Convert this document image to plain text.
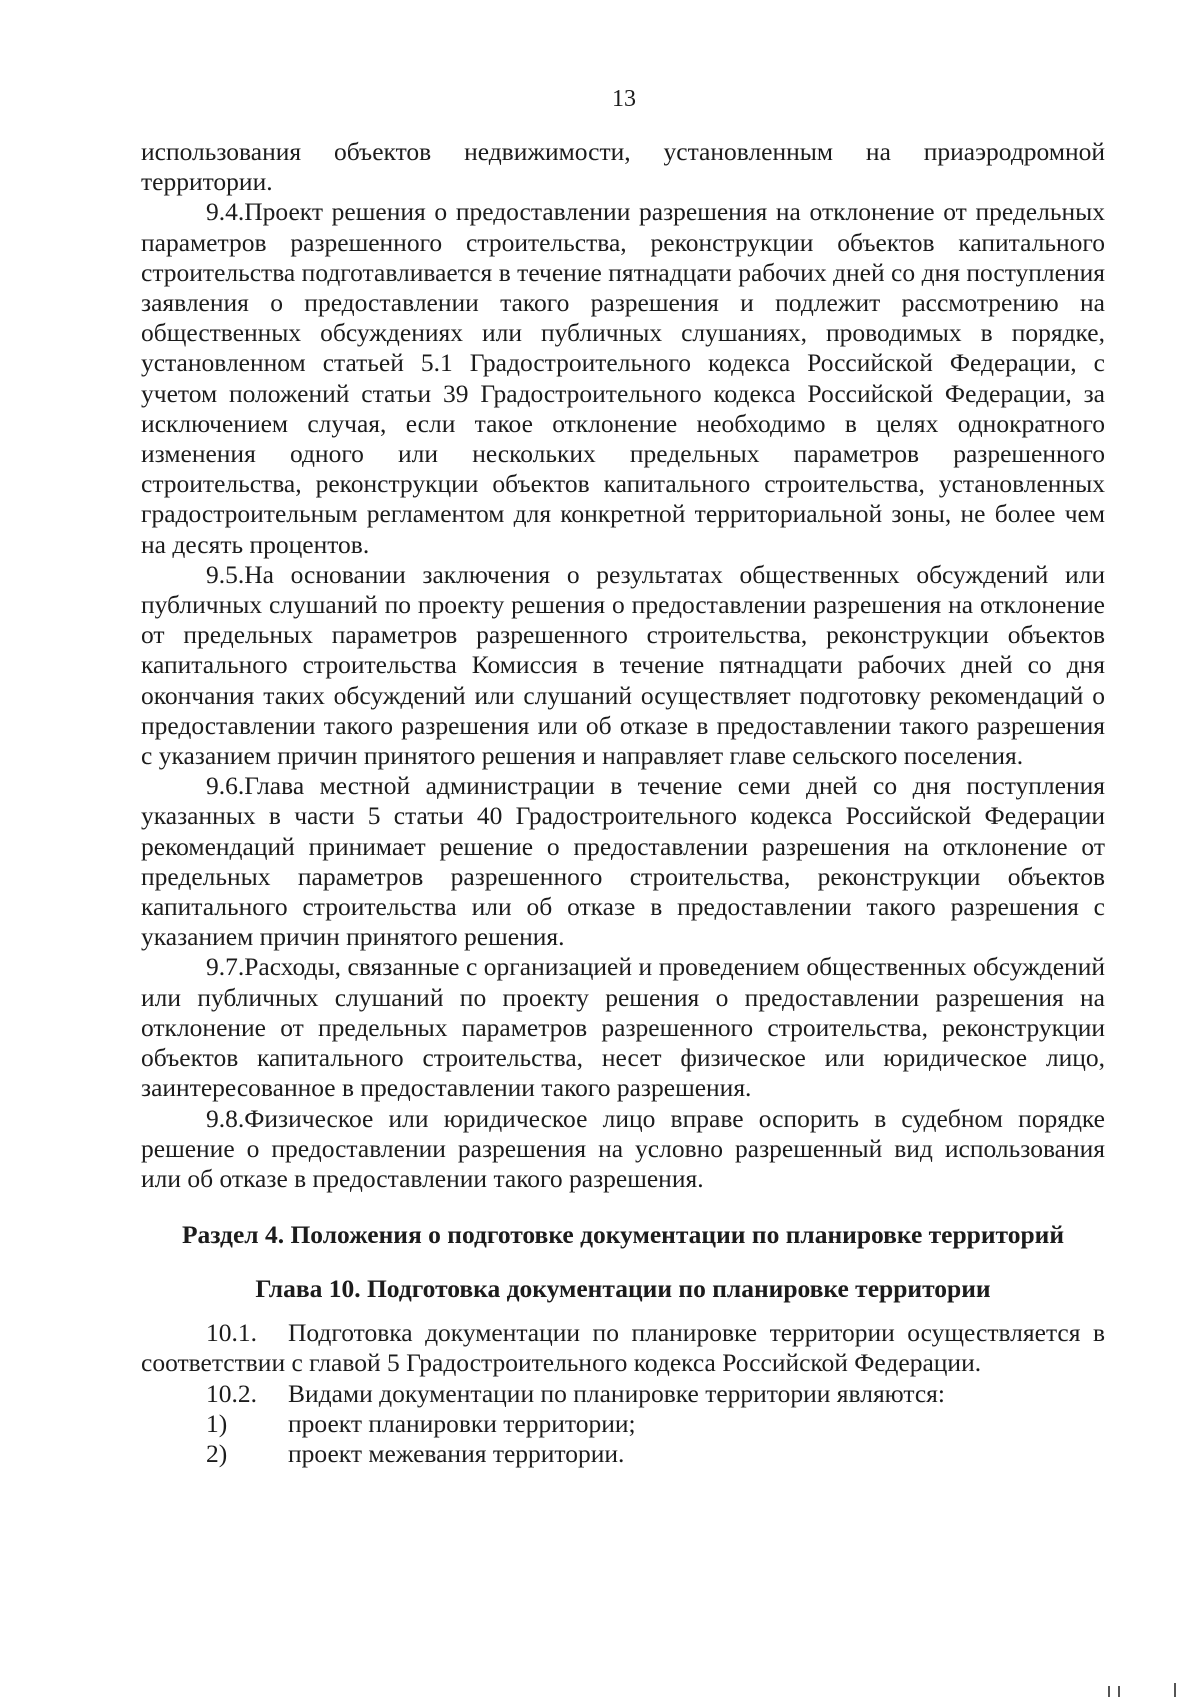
13

использования объектов недвижимости, установленным на приаэродромной территории.

9.4.Проект решения о предоставлении разрешения на отклонение от предельных параметров разрешенного строительства, реконструкции объектов капитального строительства подготавливается в течение пятнадцати рабочих дней со дня поступления заявления о предоставлении такого разрешения и подлежит рассмотрению на общественных обсуждениях или публичных слушаниях, проводимых в порядке, установленном статьей 5.1 Градостроительного кодекса Российской Федерации, с учетом положений статьи 39 Градостроительного кодекса Российской Федерации, за исключением случая, если такое отклонение необходимо в целях однократного изменения одного или нескольких предельных параметров разрешенного строительства, реконструкции объектов капитального строительства, установленных градостроительным регламентом для конкретной территориальной зоны, не более чем на десять процентов.

9.5.На основании заключения о результатах общественных обсуждений или публичных слушаний по проекту решения о предоставлении разрешения на отклонение от предельных параметров разрешенного строительства, реконструкции объектов капитального строительства Комиссия в течение пятнадцати рабочих дней со дня окончания таких обсуждений или слушаний осуществляет подготовку рекомендаций о предоставлении такого разрешения или об отказе в предоставлении такого разрешения с указанием причин принятого решения и направляет главе сельского поселения.

9.6.Глава местной администрации в течение семи дней со дня поступления указанных в части 5 статьи 40 Градостроительного кодекса Российской Федерации рекомендаций принимает решение о предоставлении разрешения на отклонение от предельных параметров разрешенного строительства, реконструкции объектов капитального строительства или об отказе в предоставлении такого разрешения с указанием причин принятого решения.

9.7.Расходы, связанные с организацией и проведением общественных обсуждений или публичных слушаний по проекту решения о предоставлении разрешения на отклонение от предельных параметров разрешенного строительства, реконструкции объектов капитального строительства, несет физическое или юридическое лицо, заинтересованное в предоставлении такого разрешения.

9.8.Физическое или юридическое лицо вправе оспорить в судебном порядке решение о предоставлении разрешения на условно разрешенный вид использования или об отказе в предоставлении такого разрешения.

Раздел 4. Положения о подготовке документации по планировке территорий
Глава 10. Подготовка документации по планировке территории

10.1. Подготовка документации по планировке территории осуществляется в соответствии с главой 5 Градостроительного кодекса Российской Федерации.

10.2. Видами документации по планировке территории являются:

1)	проект планировки территории;
2)	проект межевания территории.
